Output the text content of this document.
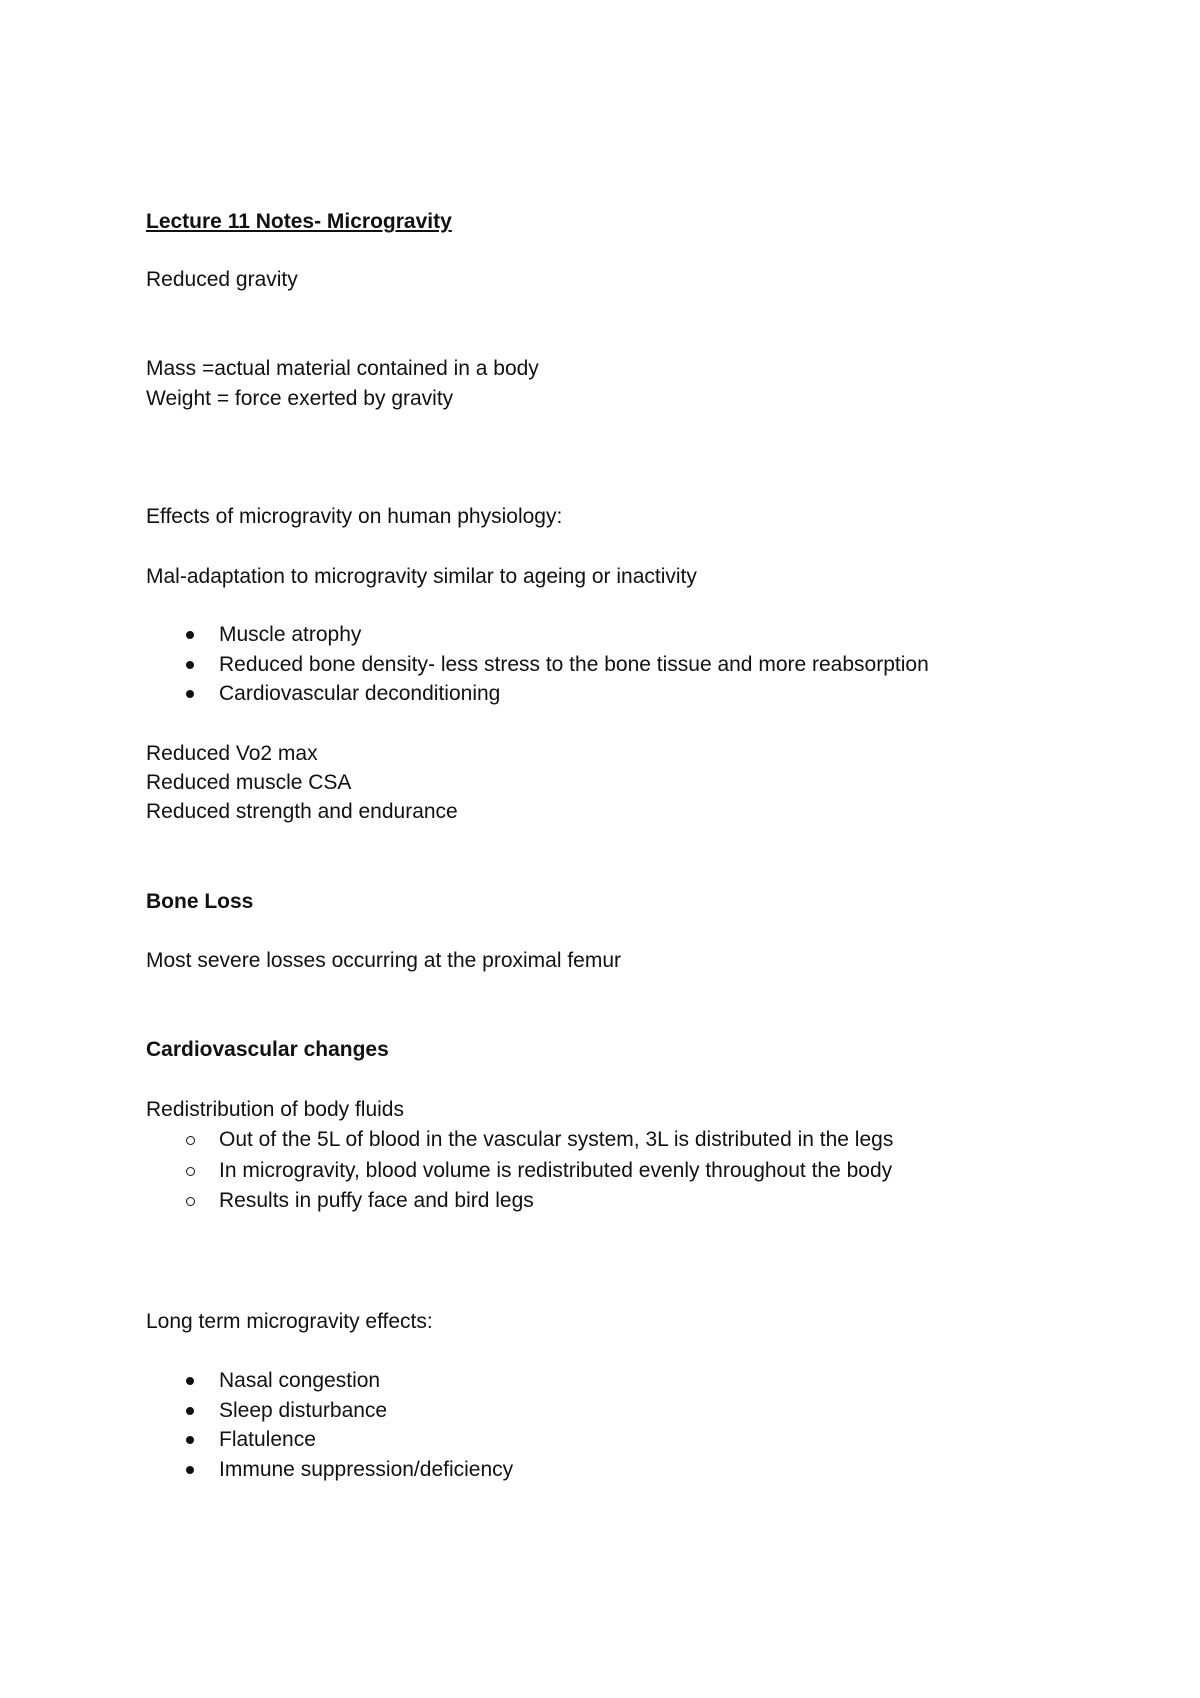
Lecture 11 Notes- Microgravity
Reduced gravity
Mass =actual material contained in a body
Weight = force exerted by gravity
Effects of microgravity on human physiology:
Mal-adaptation to microgravity similar to ageing or inactivity
Muscle atrophy
Reduced bone density- less stress to the bone tissue and more reabsorption
Cardiovascular deconditioning
Reduced Vo2 max
Reduced muscle CSA
Reduced strength and endurance
Bone Loss
Most severe losses occurring at the proximal femur
Cardiovascular changes
Redistribution of body fluids
Out of the 5L of blood in the vascular system, 3L is distributed in the legs
In microgravity, blood volume is redistributed evenly throughout the body
Results in puffy face and bird legs
Long term microgravity effects:
Nasal congestion
Sleep disturbance
Flatulence
Immune suppression/deficiency
